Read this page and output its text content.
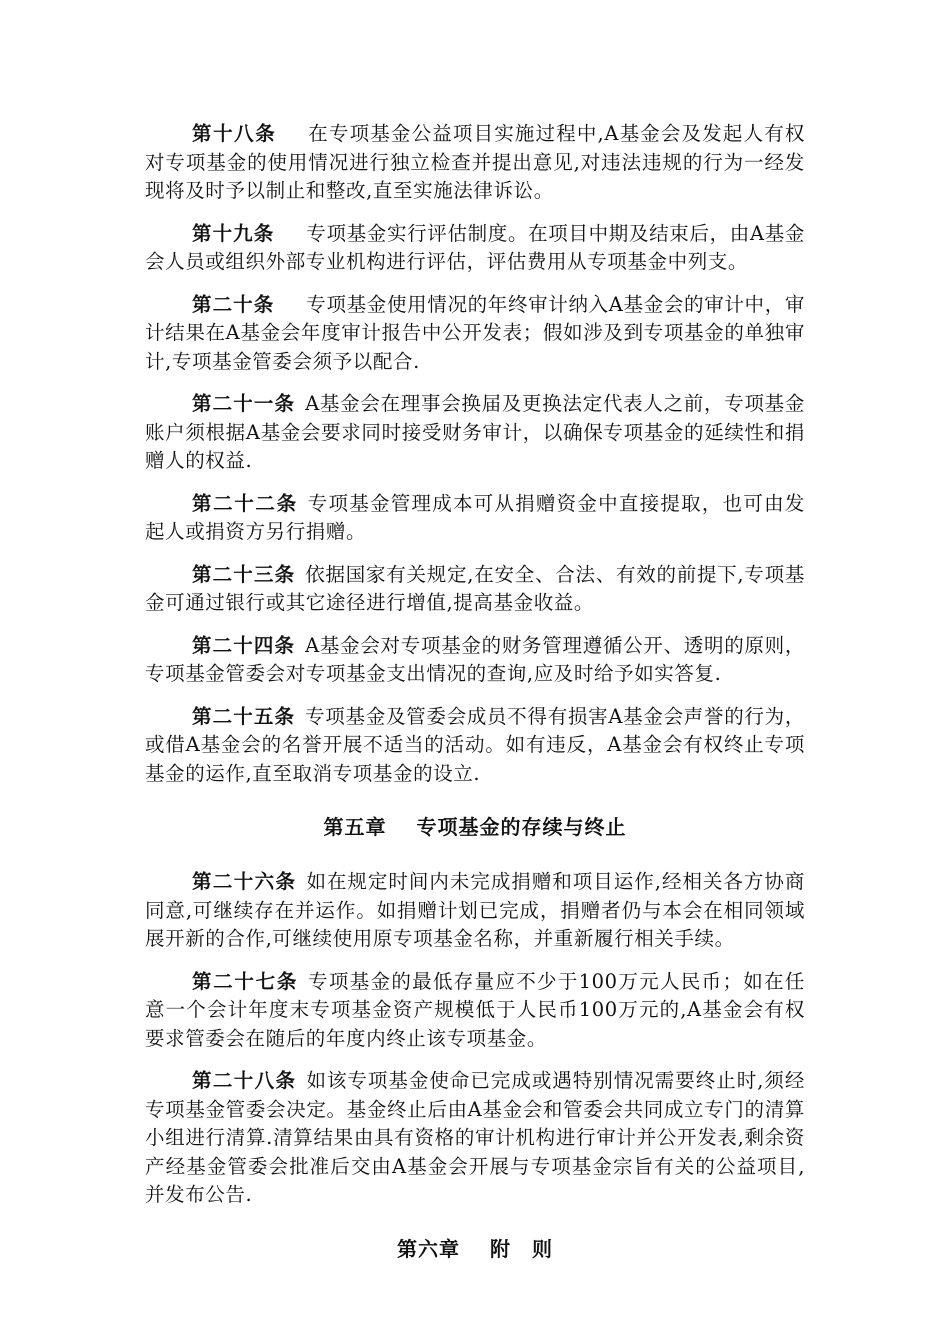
第十八条 在专项基金公益项目实施过程中,A基金会及发起人有权对专项基金的使用情况进行独立检查并提出意见,对违法违规的行为一经发现将及时予以制止和整改,直至实施法律诉讼。

第十九条 专项基金实行评估制度。在项目中期及结束后，由A基金会人员或组织外部专业机构进行评估，评估费用从专项基金中列支。

第二十条 专项基金使用情况的年终审计纳入A基金会的审计中，审计结果在A基金会年度审计报告中公开发表；假如涉及到专项基金的单独审计,专项基金管委会须予以配合.

第二十一条 A基金会在理事会换届及更换法定代表人之前，专项基金账户须根据A基金会要求同时接受财务审计，以确保专项基金的延续性和捐赠人的权益.

第二十二条 专项基金管理成本可从捐赠资金中直接提取，也可由发起人或捐资方另行捐赠。

第二十三条 依据国家有关规定,在安全、合法、有效的前提下,专项基金可通过银行或其它途径进行增值,提高基金收益。

第二十四条 A基金会对专项基金的财务管理遵循公开、透明的原则，专项基金管委会对专项基金支出情况的查询,应及时给予如实答复.

第二十五条 专项基金及管委会成员不得有损害A基金会声誉的行为，或借A基金会的名誉开展不适当的活动。如有违反，A基金会有权终止专项基金的运作,直至取消专项基金的设立.

第五章 专项基金的存续与终止

第二十六条 如在规定时间内未完成捐赠和项目运作,经相关各方协商同意,可继续存在并运作。如捐赠计划已完成，捐赠者仍与本会在相同领域展开新的合作,可继续使用原专项基金名称，并重新履行相关手续。

第二十七条 专项基金的最低存量应不少于100万元人民币；如在任意一个会计年度末专项基金资产规模低于人民币100万元的,A基金会有权要求管委会在随后的年度内终止该专项基金。

第二十八条 如该专项基金使命已完成或遇特别情况需要终止时,须经专项基金管委会决定。基金终止后由A基金会和管委会共同成立专门的清算小组进行清算.清算结果由具有资格的审计机构进行审计并公开发表,剩余资产经基金管委会批准后交由A基金会开展与专项基金宗旨有关的公益项目,并发布公告.

第六章 附　则
